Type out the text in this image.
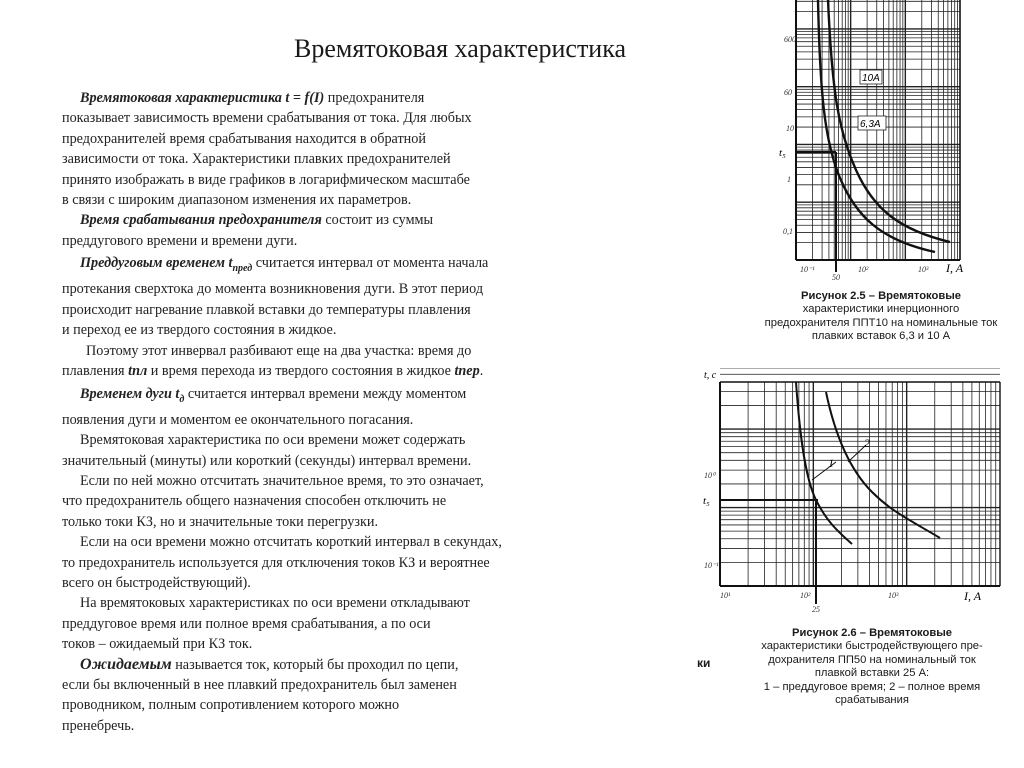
Времятоковая характеристика

Времятоковая характеристика t = f(I) предохранителя

показывает зависимость времени срабатывания от тока. Для любых

предохранителей время срабатывания находится в обратной

зависимости от тока. Характеристики плавких предохранителей

принято изображать в виде графиков в логарифмическом масштабе

в связи с широким диапазоном изменения их параметров.

Время срабатывания предохранителя состоит из суммы

преддугового времени и времени дуги.

Преддуговым временем $t_{пред}$ считается интервал от момента начала

протекания сверхтока до момента возникновения дуги. В этот период

происходит нагревание плавкой вставки до температуры плавления

и переход ее из твердого состояния в жидкое.

Поэтому этот инвервал разбивают еще на два участка: время до

плавления tпл и время перехода из твердого состояния в жидкое tпер.

Временем дуги $t_д$ считается интервал времени между моментом

появления дуги и моментом ее окончательного погасания.

Времятоковая характеристика по оси времени может содержать

значительный (минуты) или короткий (секунды) интервал времени.

Если по ней можно отсчитать значительное время, то это означает,

что предохранитель общего назначения способен отключить не

только токи КЗ, но и значительные токи перегрузки.

Если на оси времени можно отсчитать короткий интервал в секундах,

то предохранитель используется для отключения токов КЗ и вероятнее

всего он быстродействующий).

На времятоковых характеристиках по оси времени откладывают

преддуговое время или полное время срабатывания, а по оси

токов – ожидаемый при КЗ ток.

Ожидаемым называется ток, который бы проходил по цепи,

если бы включенный в нее плавкий предохранитель был заменен

проводником, полным сопротивлением которого можно

пренебречь.

10A
6,3A
600
60
10
1
0,1
t₅
10⁻¹	10²	10³
50
I, A
Рисунок 2.5 – Времятоковые
характеристики инерционного
предохранителя ППТ10 на номинальные ток
плавких вставок 6,3 и 10 А
1
2
t, c
10⁰
10⁻¹
t₅
10¹	10²	10³
25
I, A
ки
Рисунок 2.6 – Времятоковые
характеристики быстродействующего пре-
дохранителя ПП50 на номинальный ток
плавкой вставки 25 А:
1 – преддуговое время; 2 – полное время
срабатывания
